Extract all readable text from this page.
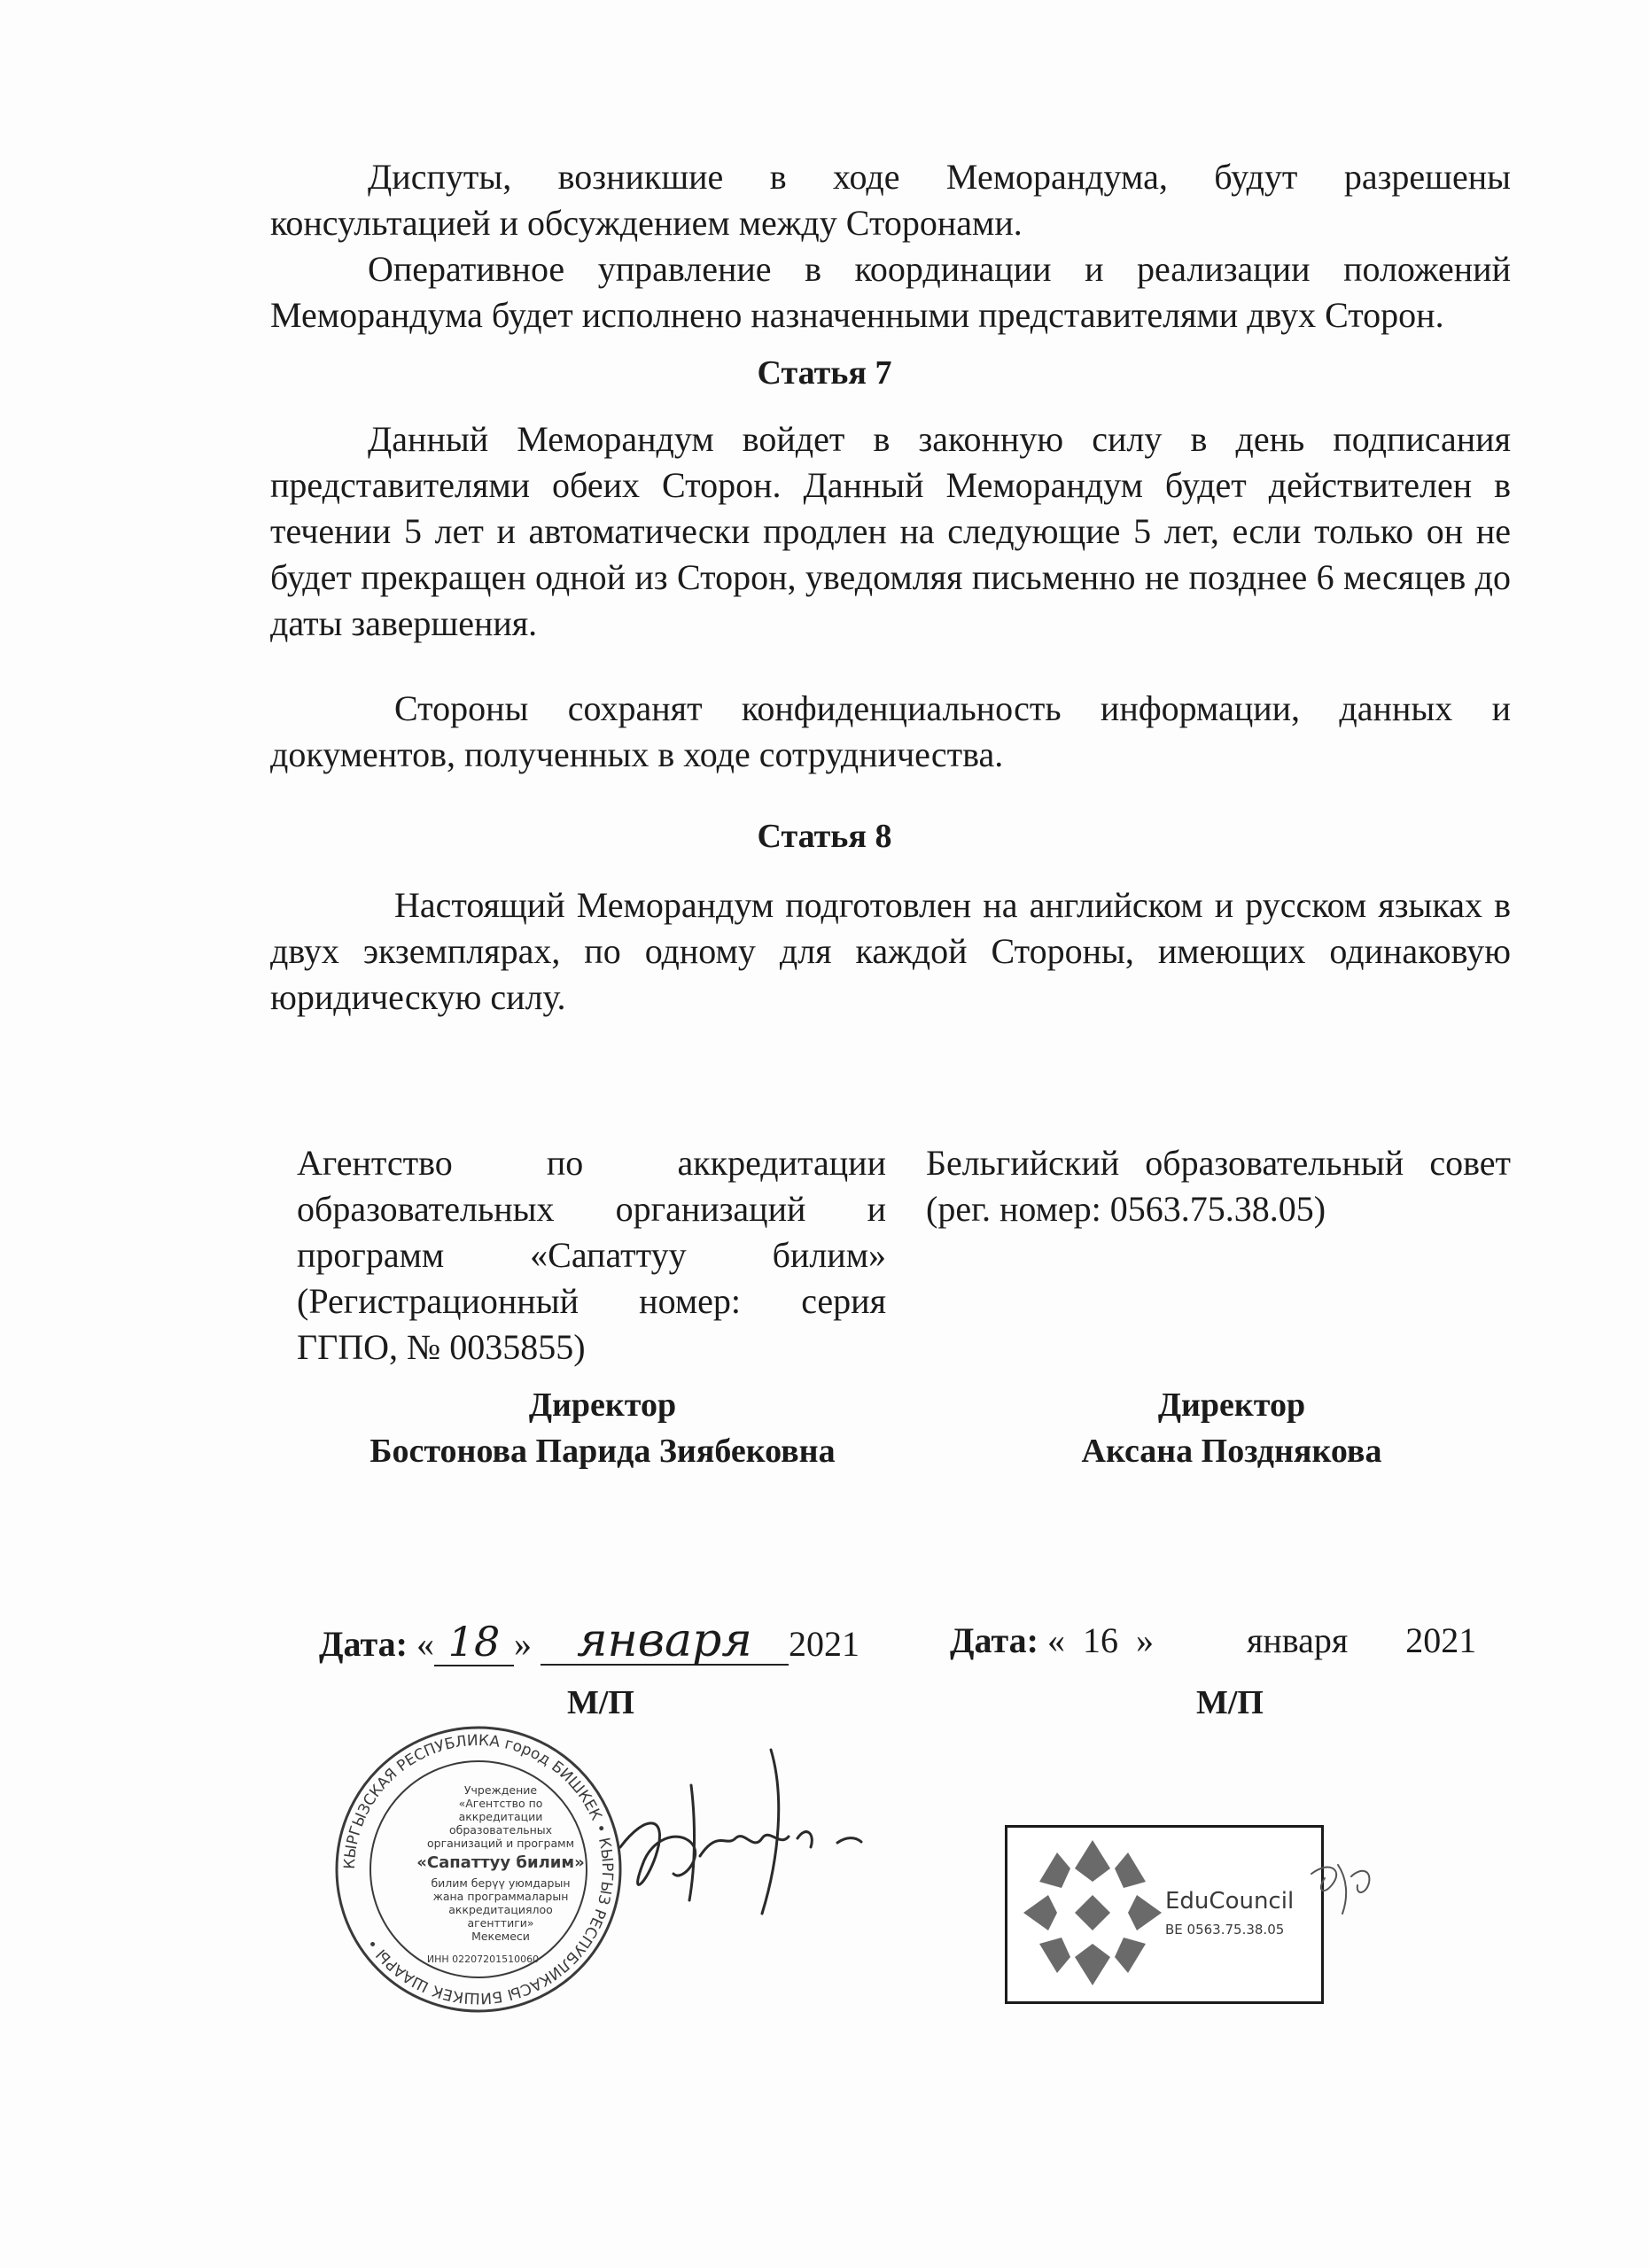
Диспуты, возникшие в ходе Меморандума, будут разрешены консультацией и обсуждением между Сторонами.

Оперативное управление в координации и реализации положений Меморандума будет исполнено назначенными представителями двух Сторон.

Статья 7

Данный Меморандум войдет в законную силу в день подписания представителями обеих Сторон. Данный Меморандум будет действителен в течении 5 лет и автоматически продлен на следующие 5 лет, если только он не будет прекращен одной из Сторон, уведомляя письменно не позднее 6 месяцев до даты завершения.

Стороны сохранят конфиденциальность информации, данных и документов, полученных в ходе сотрудничества.

Статья 8

Настоящий Меморандум подготовлен на английском и русском языках в двух экземплярах, по одному для каждой Стороны, имеющих одинаковую юридическую силу.

Агентство по аккредитации образовательных организаций и программ «Сапаттуу билим» (Регистрационный номер: серия ГГПО, № 0035855)
Бельгийский образовательный совет (рег. номер: 0563.75.38.05)
Директор
Бостонова Парида Зиябековна
Директор
Аксана Позднякова
Дата: « 18 » января 2021	Дата: « 16 »	января 2021
М/П	М/П
КЫРГЫЗСКАЯ РЕСПУБЛИКА город БИШКЕК • КЫРГЫЗ РЕСПУБЛИКАСЫ БИШКЕК ШААРЫ •
Учреждение
«Агентство по
аккредитации
образовательных
организаций и программ
«Сапаттуу билим»
билим берүү уюмдарын
жана программаларын
аккредитациялоо
агенттиги»
Мекемеси
ИНН 02207201510060
EduCouncil
BE 0563.75.38.05
